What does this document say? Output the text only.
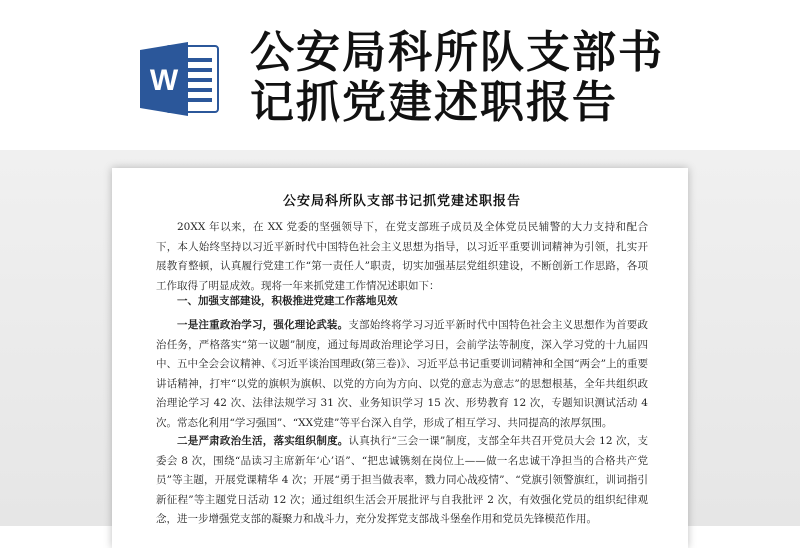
W
公安局科所队支部书
记抓党建述职报告
公安局科所队支部书记抓党建述职报告
20XX 年以来，在 XX 党委的坚强领导下，在党支部班子成员及全体党员民辅警的大力支持和配合下，本人始终坚持以习近平新时代中国特色社会主义思想为指导，以习近平重要训词精神为引领，扎实开展教育整顿，认真履行党建工作“第一责任人”职责，切实加强基层党组织建设，不断创新工作思路，各项工作取得了明显成效。现将一年来抓党建工作情况述职如下：
一、加强支部建设，积极推进党建工作落地见效
一是注重政治学习，强化理论武装。支部始终将学习习近平新时代中国特色社会主义思想作为首要政治任务，严格落实“第一议题”制度，通过每周政治理论学习日，会前学法等制度，深入学习党的十九届四中、五中全会会议精神、《习近平谈治国理政(第三卷)》、习近平总书记重要训词精神和全国“两会”上的重要讲话精神，打牢“以党的旗帜为旗帜、以党的方向为方向、以党的意志为意志”的思想根基，全年共组织政治理论学习 42 次、法律法规学习 31 次、业务知识学习 15 次、形势教育 12 次，专题知识测试活动 4 次。常态化利用“学习强国”、“XX党建”等平台深入自学，形成了相互学习、共同提高的浓厚氛围。
二是严肃政治生活，落实组织制度。认真执行“三会一课”制度，支部全年共召开党员大会 12 次，支委会 8 次，围绕“品读习主席新年‘心’语”、“把忠诚镌刻在岗位上——做一名忠诚干净担当的合格共产党员”等主题，开展党课精华 4 次；开展“勇于担当做表率，戮力同心战疫情”、“党旗引领警旗红，训词指引新征程”等主题党日活动 12 次；通过组织生活会开展批评与自我批评 2 次，有效强化党员的组织纪律观念，进一步增强党支部的凝聚力和战斗力，充分发挥党支部战斗堡垒作用和党员先锋模范作用。
